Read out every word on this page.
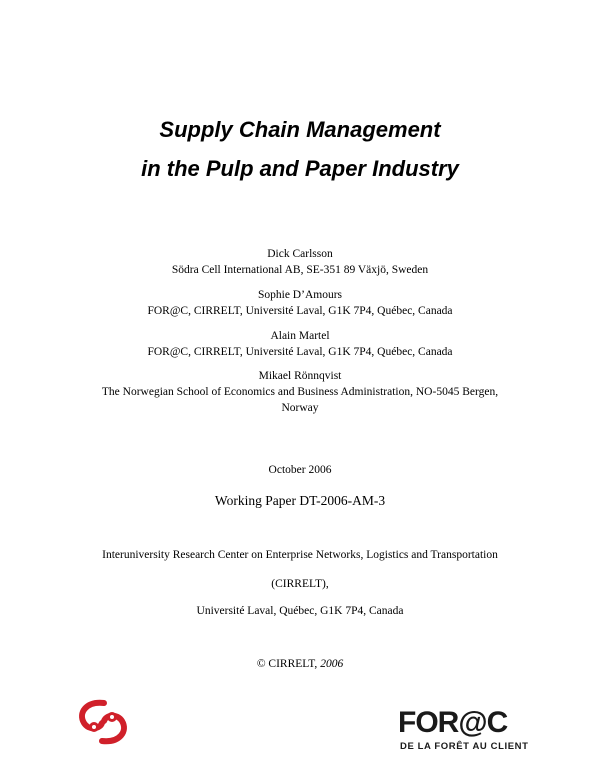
Supply Chain Management
in the Pulp and Paper Industry
Dick Carlsson
Södra Cell International AB, SE-351 89 Växjö, Sweden
Sophie D’Amours
FOR@C, CIRRELT, Université Laval, G1K 7P4, Québec, Canada
Alain Martel
FOR@C, CIRRELT, Université Laval, G1K 7P4, Québec, Canada
Mikael Rönnqvist
The Norwegian School of Economics and Business Administration, NO-5045 Bergen,
Norway
October 2006
Working Paper DT-2006-AM-3
Interuniversity Research Center on Enterprise Networks, Logistics and Transportation
(CIRRELT),
Université Laval, Québec, G1K 7P4, Canada
© CIRRELT, 2006
FOR@C
DE LA FORÊT AU CLIENT
